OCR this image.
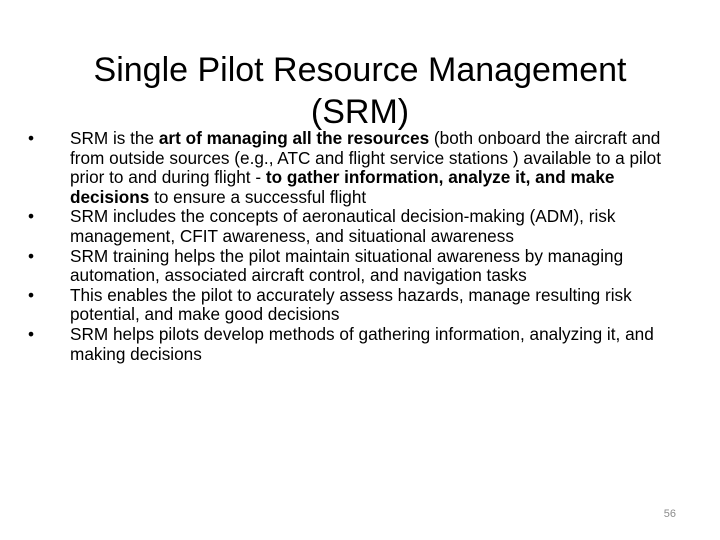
Single Pilot Resource Management
(SRM)
•	SRM is the art of managing all the resources (both onboard the aircraft and from outside sources (e.g., ATC and flight service stations ) available to a pilot prior to and during flight - to gather information, analyze it, and make decisions to ensure a successful flight
•	SRM includes the concepts of aeronautical decision-making (ADM), risk management, CFIT awareness, and situational awareness
•	SRM training helps the pilot maintain situational awareness by managing automation, associated aircraft control, and navigation tasks
•	This enables the pilot to accurately assess hazards, manage resulting risk potential, and make good decisions
•	SRM helps pilots develop methods of gathering information, analyzing it, and making decisions
56
